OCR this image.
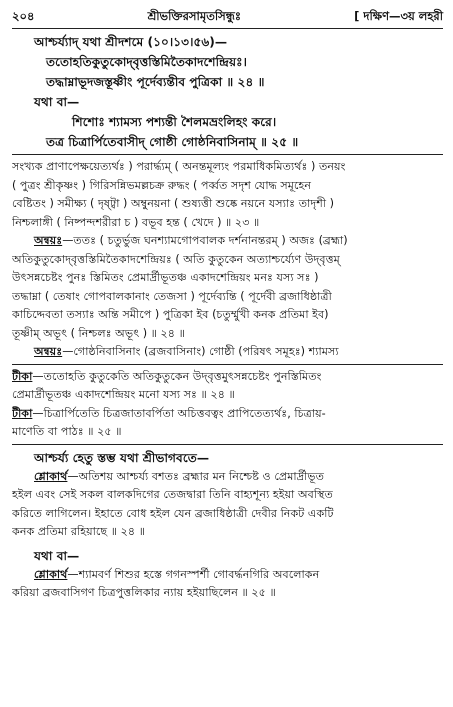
২০৪	শ্রীভক্তিরসামৃতসিন্ধুঃ	[ দক্ষিণ—৩য় লহরী
আশ্চর্য্যাদ্‌ যথা শ্রীদশমে (১০।১৩।৫৬)—
ততোহতিকুতুকোদ্‌বৃত্তস্তিমিতৈকাদশেন্দ্রিয়ঃ।
তদ্ধাম্নাভূদজস্তূষ্ণীং পূর্দেব্যন্তীব পুত্রিকা ॥ ২৪ ॥
যথা বা—
শিশোঃ শ্যামস্য পশ্যন্তী শৈলমভ্রংলিহং করে।
তত্র চিত্রার্পিতেবাসীদ্‌ গোষ্ঠী গোষ্ঠনিবাসিনাম্‌ ॥ ২৫ ॥
সংখ্যক প্রাণাপেক্ষয়েত্যর্থঃ ) পরার্দ্ধ্যম্‌ ( অনন্তমূল্যং পরমাধিকমিত্যর্থঃ ) তনয়ং
( পুত্রং শ্রীকৃষ্ণং ) গিরিসন্নিভমল্লচক্র রুদ্ধং ( পর্ব্বত সদৃশ যোদ্ধ সমূহেন
বেষ্টিতং ) সমীক্ষ্য ( দৃষ্ট্বা ) অম্বুনয়না ( শুষ্যত্তী শুষ্কে নয়নে যস্যাঃ তাদৃশী )
নিশ্চলাঙ্গী ( নিষ্পন্দশরীরা চ ) বভূব হন্ত ( খেদে ) ॥ ২৩ ॥
অন্বয়ঃ—ততঃ ( চতুর্ভুজ ঘনশ্যামগোপবালক দর্শনানন্তরম্‌ ) অজঃ (ব্রহ্মা)
অতিকুতুকোদ্‌বৃত্তস্তিমিতৈকাদশেন্দ্রিয়ঃ ( অতি কুতুকেন অত্যাশ্চর্য্যেণ উদ্‌বৃত্তম্‌
উৎসন্নচেষ্টং পুনঃ স্তিমিতং প্রেমার্দ্রীভূতঞ্চ একাদশেন্দ্রিয়ং মনঃ যস্য সঃ )
তদ্ধাম্না ( তেষাং গোপবালকানাং তেজসা ) পূর্দেব্যন্তি ( পূর্দেবী ব্রজাধিষ্ঠাত্রী
কাচিদ্দেবতা তস্যাঃ অন্তি সমীপে ) পুত্রিকা ইব (চতুর্ম্মুখী কনক প্রতিমা ইব)
তূষ্ণীম্‌ অভূৎ ( নিশ্চলঃ অভূৎ ) ॥ ২৪ ॥
অন্বয়ঃ—গোষ্ঠনিবাসিনাং (ব্রজবাসিনাং) গোষ্ঠী (পরিষৎ সমূহঃ) শ্যামস্য
টীকা—ততোহতি কুতুকেতি অতিকুতুকেন উদ্‌বৃত্তমুৎসন্নচেষ্টং পুনস্তিমিতং
প্রেমার্দ্রীভূতঞ্চ একাদশেন্দ্রিয়ং মনো যস্য সঃ ॥ ২৪ ॥
টীকা—চিত্রার্পিতেতি চিত্রজাতাবর্পিতা অচিত্তবত্বং প্রাপিতেত্যর্থঃ, চিত্রায়-
মাণেতি বা পাঠঃ ॥ ২৫ ॥
আশ্চর্য্য হেতু স্তম্ভ যথা শ্রীভাগবতে—
শ্লোকার্থ—অতিশয় আশ্চর্য্য বশতঃ ব্রহ্মার মন নিশ্চেষ্ট ও প্রেমার্দ্রীভূত
হইল এবং সেই সকল বালকদিগের তেজদ্বারা তিনি বাহ্যশূন্য হইয়া অবস্থিত
করিতে লাগিলেন। ইহাতে বোধ হইল যেন ব্রজাধিষ্ঠাত্রী দেবীর নিকট একটি
কনক প্রতিমা রহিয়াছে ॥ ২৪ ॥
যথা বা—
শ্লোকার্থ—শ্যামবর্ণ শিশুর হস্তে গগনস্পর্শী গোবর্দ্ধনগিরি অবলোকন
করিয়া ব্রজবাসিগণ চিত্রপুত্তলিকার ন্যায় হইয়াছিলেন ॥ ২৫ ॥
